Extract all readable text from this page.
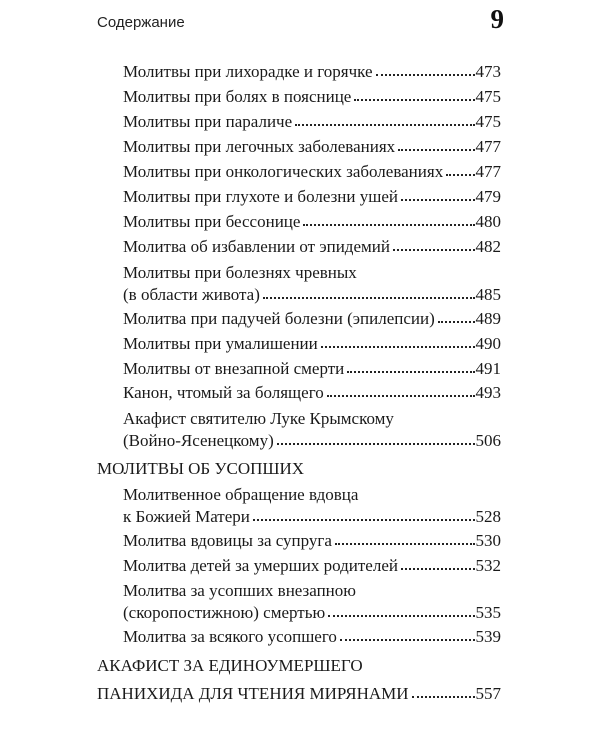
Содержание	9
Молитвы при лихорадке и горячке	473
Молитвы при болях в пояснице	475
Молитвы при параличе	475
Молитвы при легочных заболеваниях	477
Молитвы при онкологических заболеваниях 477
Молитвы при глухоте и болезни ушей	479
Молитвы при бессонице	480
Молитва об избавлении от эпидемий	482
Молитвы при болезнях чревных
(в области живота)	485
Молитва при падучей болезни (эпилепсии) 489
Молитвы при умалишении	490
Молитвы от внезапной смерти	491
Канон, чтомый за болящего	493
Акафист святителю Луке Крымскому
(Войно-Ясенецкому)	506
МОЛИТВЫ ОБ УСОПШИХ
Молитвенное обращение вдовца
к Божией Матери	528
Молитва вдовицы за супруга	530
Молитва детей за умерших родителей	532
Молитва за усопших внезапною
(скоропостижною) смертью	535
Молитва за всякого усопшего	539
АКАФИСТ ЗА ЕДИНОУМЕРШЕГО
ПАНИХИДА ДЛЯ ЧТЕНИЯ МИРЯНАМИ	557
